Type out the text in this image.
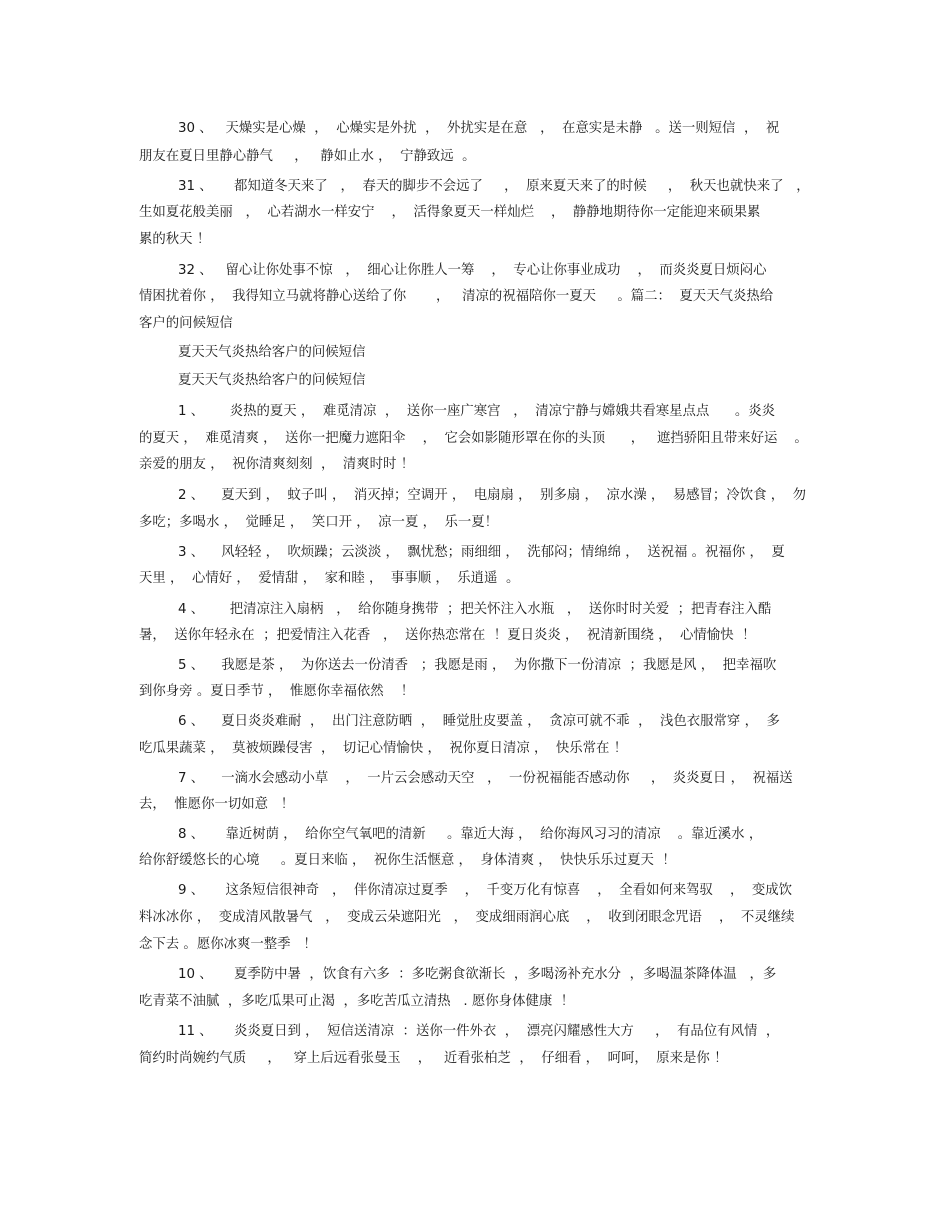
30 、   天燥实是心燥  ，  心燥实是外扰  ，  外扰实是在意   ，  在意实是未静   。送一则短信  ，  祝
朋友在夏日里静心静气     ，   静如止水 ，  宁静致远  。
31 、     都知道冬天来了   ，  春天的脚步不会远了     ，  原来夏天来了的时候     ，  秋天也就快来了   ，
生如夏花般美丽   ，  心若湖水一样安宁    ，  活得象夏天一样灿烂    ，  静静地期待你一定能迎来硕果累
累的秋天 ！
32 、   留心让你处事不惊   ，  细心让你胜人一筹    ，  专心让你事业成功    ，  而炎炎夏日烦闷心
情困扰着你 ，  我得知立马就将静心送给了你       ，   清凉的祝福陪你一夏天     。篇二：  夏天天气炎热给
客户的问候短信
夏天天气炎热给客户的问候短信
夏天天气炎热给客户的问候短信
1 、      炎热的夏天 ，  难觅清凉  ，  送你一座广寒宫   ，  清凉宁静与嫦娥共看寒星点点      。炎炎
的夏天 ，  难觅清爽 ，  送你一把魔力遮阳伞    ，  它会如影随形罩在你的头顶      ，   遮挡骄阳且带来好运    。
亲爱的朋友 ，  祝你清爽刻刻  ，  清爽时时 ！
2 、    夏天到 ，  蚊子叫 ，  消灭掉；空调开 ，  电扇扇 ，  别多扇 ，  凉水澡 ，  易感冒；冷饮食 ，  勿
多吃；多喝水 ，  觉睡足 ，  笑口开 ，  凉一夏 ，  乐一夏！
3 、    风轻轻 ，  吹烦躁；云淡淡 ，  飘忧愁；雨细细 ，  洗郁闷；情绵绵 ，  送祝福 。祝福你 ，  夏
天里 ，  心情好 ，  爱情甜 ，  家和睦 ，  事事顺 ，  乐逍遥  。
4 、      把清凉注入扇柄   ，  给你随身携带  ；把关怀注入水瓶   ，  送你时时关爱  ；把青春注入酷
暑，  送你年轻永在  ；把爱情注入花香   ，  送你热恋常在  ！夏日炎炎 ，  祝清新围绕 ，  心情愉快  ！
5 、    我愿是茶 ，  为你送去一份清香   ；我愿是雨 ，  为你撒下一份清凉  ；我愿是风 ，  把幸福吹
到你身旁 。夏日季节 ，  惟愿你幸福依然    ！
6 、    夏日炎炎难耐  ，  出门注意防晒  ，  睡觉肚皮要盖 ，  贪凉可就不乖  ，  浅色衣服常穿 ，  多
吃瓜果蔬菜 ，  莫被烦躁侵害  ，  切记心情愉快 ，  祝你夏日清凉 ，  快乐常在 ！
7 、    一滴水会感动小草    ，  一片云会感动天空   ，  一份祝福能否感动你     ，  炎炎夏日 ，  祝福送
去，  惟愿你一切如意   ！
8 、     靠近树荫 ，  给你空气氧吧的清新     。靠近大海 ，  给你海风习习的清凉    。靠近溪水 ，
给你舒缓悠长的心境     。夏日来临 ，  祝你生活惬意 ，  身体清爽 ，  快快乐乐过夏天  ！
9 、     这条短信很神奇   ，  伴你清凉过夏季    ，  千变万化有惊喜    ，  全看如何来驾驭    ，  变成饮
料冰冰你 ，  变成清风散暑气   ，  变成云朵遮阳光   ，  变成细雨润心底    ，  收到闭眼念咒语    ，  不灵继续
念下去 。愿你冰爽一整季   ！
10 、     夏季防中暑  ，饮食有六多  ：多吃粥食欲渐长  ，多喝汤补充水分  ，多喝温茶降体温   ，多
吃青菜不油腻  ，多吃瓜果可止渴  ，多吃苦瓜立清热   . 愿你身体健康  ！
11 、     炎炎夏日到 ，  短信送清凉  ：送你一件外衣  ，  漂亮闪耀感性大方     ，  有品位有风情  ，
简约时尚婉约气质     ，   穿上后远看张曼玉    ，   近看张柏芝  ，  仔细看 ，  呵呵，  原来是你 ！
